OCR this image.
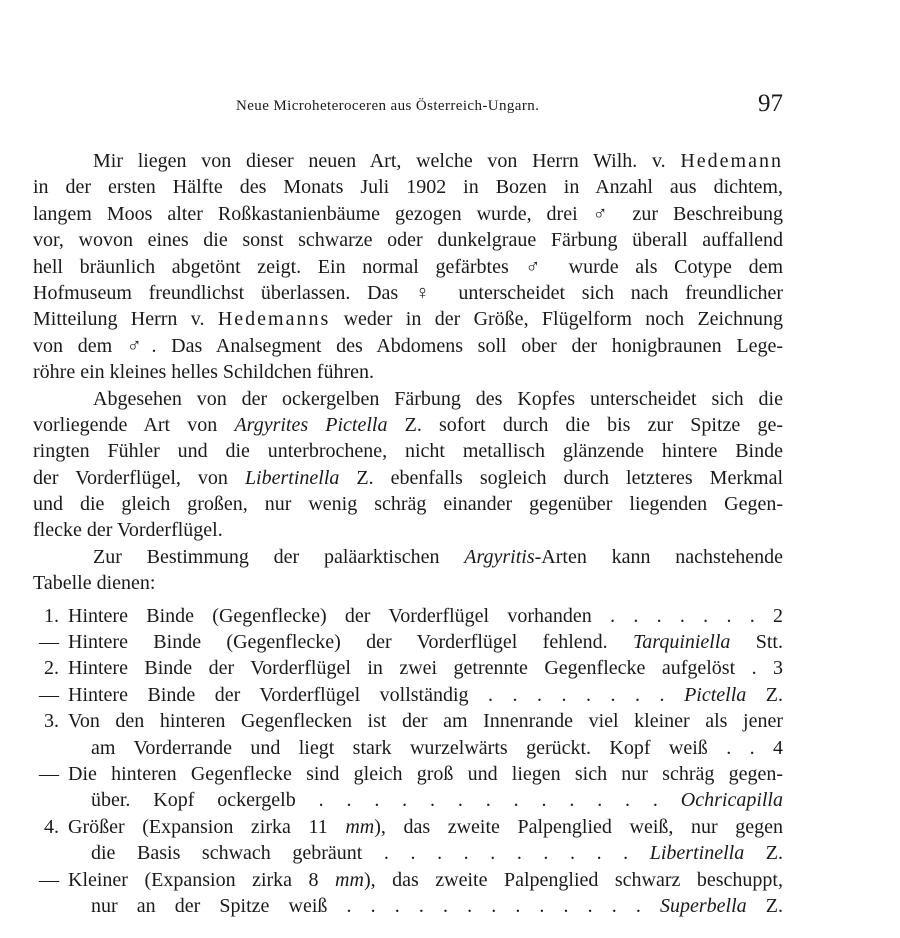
Neue Microheteroceren aus Österreich-Ungarn.	97
Mir liegen von dieser neuen Art, welche von Herrn Wilh. v. Hedemann
in der ersten Hälfte des Monats Juli 1902 in Bozen in Anzahl aus dichtem,
langem Moos alter Roßkastanienbäume gezogen wurde, drei ♂ zur Beschreibung
vor, wovon eines die sonst schwarze oder dunkelgraue Färbung überall auffallend
hell bräunlich abgetönt zeigt. Ein normal gefärbtes ♂ wurde als Cotype dem
Hofmuseum freundlichst überlassen. Das ♀ unterscheidet sich nach freundlicher
Mitteilung Herrn v. Hedemanns weder in der Größe, Flügelform noch Zeichnung
von dem ♂. Das Analsegment des Abdomens soll ober der honigbraunen Lege-
röhre ein kleines helles Schildchen führen.
Abgesehen von der ockergelben Färbung des Kopfes unterscheidet sich die
vorliegende Art von Argyrites Pictella Z. sofort durch die bis zur Spitze ge-
ringten Fühler und die unterbrochene, nicht metallisch glänzende hintere Binde
der Vorderflügel, von Libertinella Z. ebenfalls sogleich durch letzteres Merkmal
und die gleich großen, nur wenig schräg einander gegenüber liegenden Gegen-
flecke der Vorderflügel.
Zur Bestimmung der paläarktischen Argyritis-Arten kann nachstehende
Tabelle dienen:
1. Hintere Binde (Gegenflecke) der Vorderflügel vorhanden . . . . . . . 2
— Hintere Binde (Gegenflecke) der Vorderflügel fehlend. Tarquiniella Stt.
2. Hintere Binde der Vorderflügel in zwei getrennte Gegenflecke aufgelöst . 3
— Hintere Binde der Vorderflügel vollständig . . . . . . . . Pictella Z.
3. Von den hinteren Gegenflecken ist der am Innenrande viel kleiner als jener
am Vorderrande und liegt stark wurzelwärts gerückt. Kopf weiß . . 4
— Die hinteren Gegenflecke sind gleich groß und liegen sich nur schräg gegen-
über. Kopf ockergelb . . . . . . . . . . . . . Ochricapilla
4. Größer (Expansion zirka 11 mm), das zweite Palpenglied weiß, nur gegen
die Basis schwach gebräunt . . . . . . . . . . Libertinella Z.
— Kleiner (Expansion zirka 8 mm), das zweite Palpenglied schwarz beschuppt,
nur an der Spitze weiß . . . . . . . . . . . . . Superbella Z.
